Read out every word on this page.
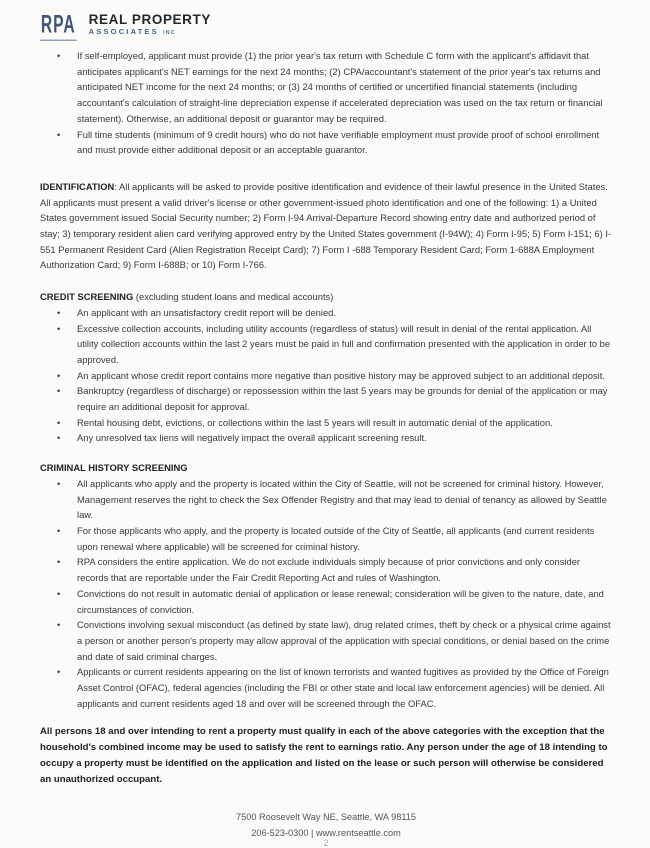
RPA REAL PROPERTY
ASSOCIATES INC
• If self-employed, applicant must provide (1) the prior year's tax return with Schedule C form with the applicant's affidavit that anticipates applicant's NET earnings for the next 24 months; (2) CPA/accountant's statement of the prior year's tax returns and anticipated NET income for the next 24 months; or (3) 24 months of certified or uncertified financial statements (including accountant's calculation of straight-line depreciation expense if accelerated depreciation was used on the tax return or financial statement). Otherwise, an additional deposit or guarantor may be required.
• Full time students (minimum of 9 credit hours) who do not have verifiable employment must provide proof of school enrollment and must provide either additional deposit or an acceptable guarantor.

IDENTIFICATION: All applicants will be asked to provide positive identification and evidence of their lawful presence in the United States. All applicants must present a valid driver's license or other government-issued photo identification and one of the following: 1) a United States government issued Social Security number; 2) Form I-94 Arrival-Departure Record showing entry date and authorized period of stay; 3) temporary resident alien card verifying approved entry by the United States government (I-94W); 4) Form I-95; 5) Form I-151; 6) I-551 Permanent Resident Card (Alien Registration Receipt Card); 7) Form I -688 Temporary Resident Card; Form 1-688A Employment Authorization Card; 9) Form I-688B; or 10) Form I-766.

CREDIT SCREENING (excluding student loans and medical accounts)

• An applicant with an unsatisfactory credit report will be denied.
• Excessive collection accounts, including utility accounts (regardless of status) will result in denial of the rental application. All utility collection accounts within the last 2 years must be paid in full and confirmation presented with the application in order to be approved.
• An applicant whose credit report contains more negative than positive history may be approved subject to an additional deposit.
• Bankruptcy (regardless of discharge) or repossession within the last 5 years may be grounds for denial of the application or may require an additional deposit for approval.
• Rental housing debt, evictions, or collections within the last 5 years will result in automatic denial of the application.
• Any unresolved tax liens will negatively impact the overall applicant screening result.

CRIMINAL HISTORY SCREENING

• All applicants who apply and the property is located within the City of Seattle, will not be screened for criminal history. However, Management reserves the right to check the Sex Offender Registry and that may lead to denial of tenancy as allowed by Seattle law.
• For those applicants who apply, and the property is located outside of the City of Seattle, all applicants (and current residents upon renewal where applicable) will be screened for criminal history.
• RPA considers the entire application. We do not exclude individuals simply because of prior convictions and only consider records that are reportable under the Fair Credit Reporting Act and rules of Washington.
• Convictions do not result in automatic denial of application or lease renewal; consideration will be given to the nature, date, and circumstances of conviction.
• Convictions involving sexual misconduct (as defined by state law), drug related crimes, theft by check or a physical crime against a person or another person's property may allow approval of the application with special conditions, or denial based on the crime and date of said criminal charges.
• Applicants or current residents appearing on the list of known terrorists and wanted fugitives as provided by the Office of Foreign Asset Control (OFAC), federal agencies (including the FBI or other state and local law enforcement agencies) will be denied. All applicants and current residents aged 18 and over will be screened through the OFAC.

All persons 18 and over intending to rent a property must qualify in each of the above categories with the exception that the household's combined income may be used to satisfy the rent to earnings ratio. Any person under the age of 18 intending to occupy a property must be identified on the application and listed on the lease or such person will otherwise be considered an unauthorized occupant.

7500 Roosevelt Way NE, Seattle, WA 98115
206-523-0300 | www.rentseattle.com
2
